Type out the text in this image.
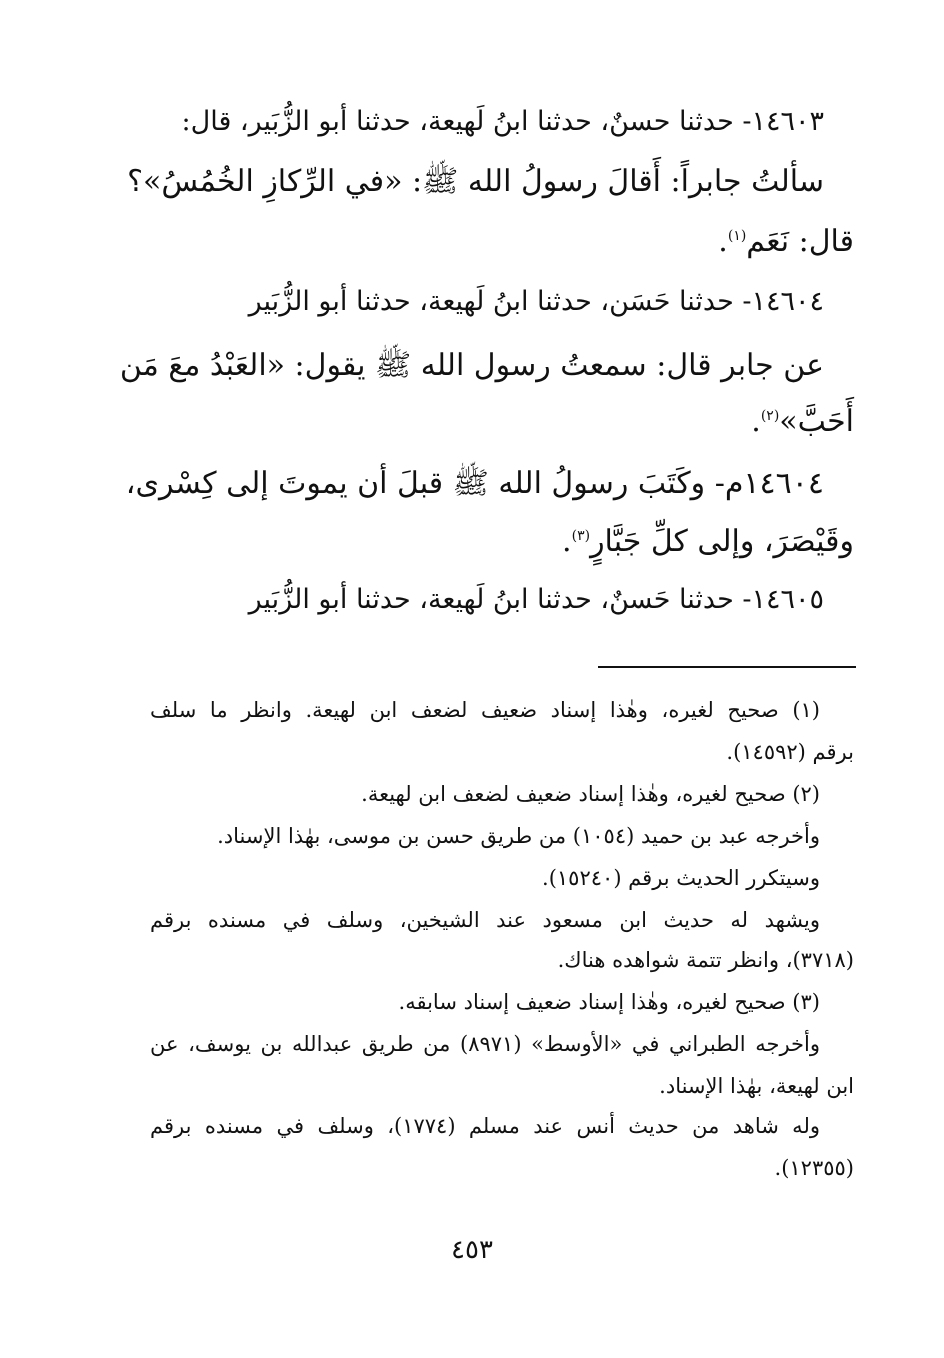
١٤٦٠٣- حدثنا حسنٌ، حدثنا ابنُ لَهيعة، حدثنا أبو الزُّبَير، قال:
سألتُ جابراً: أَقالَ رسولُ الله ﷺ: «في الرِّكازِ الخُمُسُ»؟
قال: نَعَم$^{(١)}$.
١٤٦٠٤- حدثنا حَسَن، حدثنا ابنُ لَهيعة، حدثنا أبو الزُّبَير
عن جابر قال: سمعتُ رسول الله ﷺ يقول: «العَبْدُ معَ مَن
أَحَبَّ»$^{(٢)}$.
١٤٦٠٤م- وكَتَبَ رسولُ الله ﷺ قبلَ أن يموتَ إلى كِسْرى،
وقَيْصَرَ، وإلى كلِّ جَبَّارٍ$^{(٣)}$.
١٤٦٠٥- حدثنا حَسنٌ، حدثنا ابنُ لَهيعة، حدثنا أبو الزُّبَير
(١) صحيح لغيره، وهٰذا إسناد ضعيف لضعف ابن لهيعة. وانظر ما سلف
برقم (١٤٥٩٢).
(٢) صحيح لغيره، وهٰذا إسناد ضعيف لضعف ابن لهيعة.
وأخرجه عبد بن حميد (١٠٥٤) من طريق حسن بن موسى، بهٰذا الإسناد.
وسيتكرر الحديث برقم (١٥٢٤٠).
ويشهد له حديث ابن مسعود عند الشيخين، وسلف في مسنده برقم
(٣٧١٨)، وانظر تتمة شواهده هناك.
(٣) صحيح لغيره، وهٰذا إسناد ضعيف إسناد سابقه.
وأخرجه الطبراني في «الأوسط» (٨٩٧١) من طريق عبدالله بن يوسف، عن
ابن لهيعة، بهٰذا الإسناد.
وله شاهد من حديث أنس عند مسلم (١٧٧٤)، وسلف في مسنده برقم
(١٢٣٥٥).
٤٥٣
